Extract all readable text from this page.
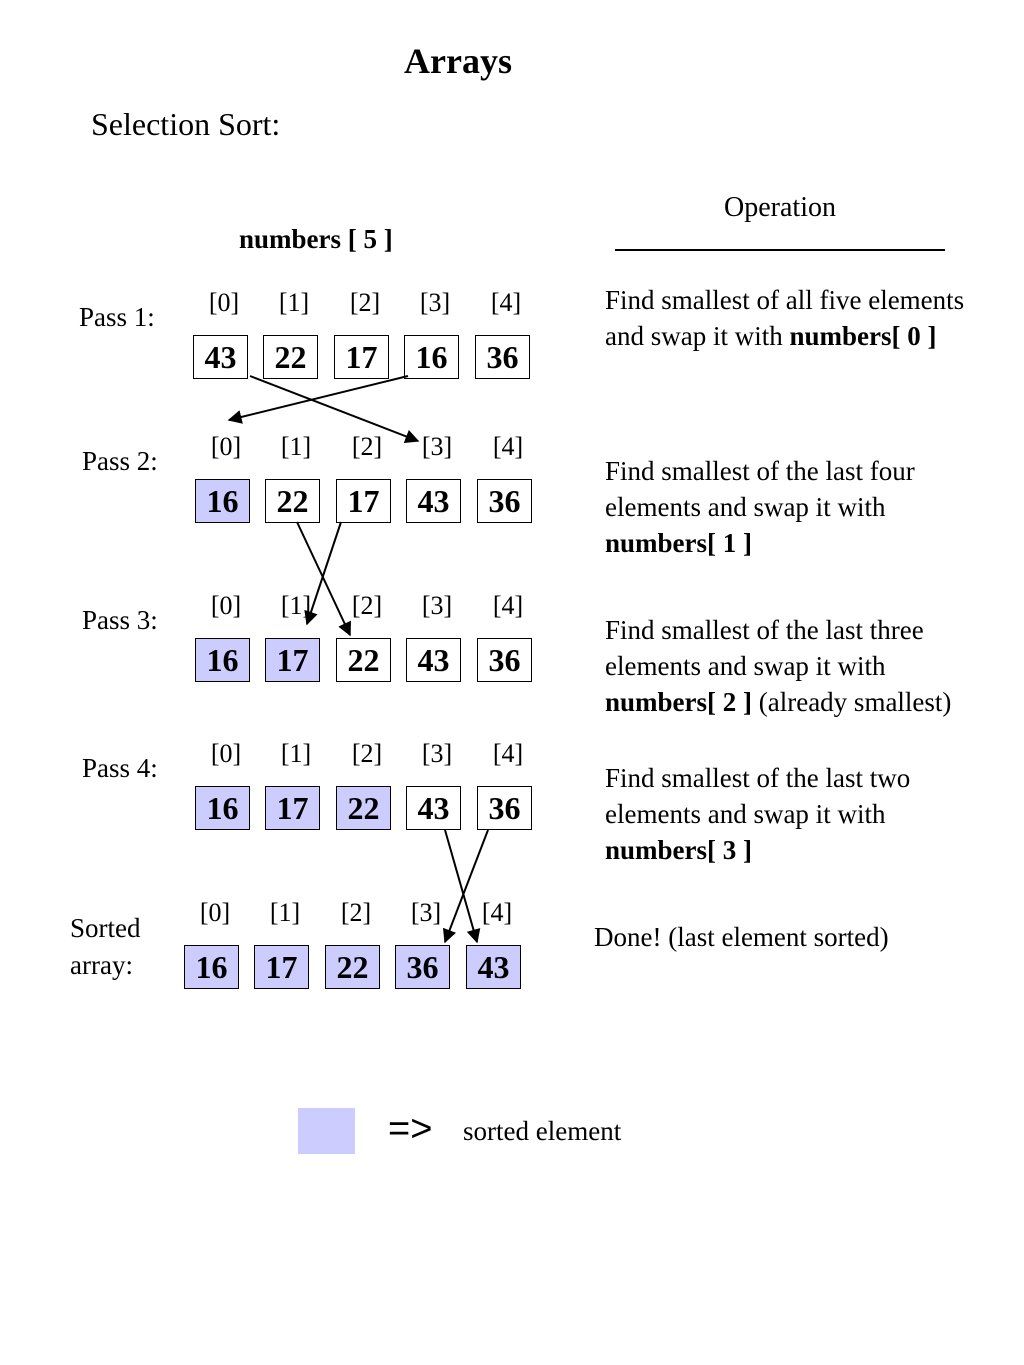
Arrays
Selection Sort:
Operation
numbers [ 5 ]
Pass 1:	[0]	[1]	[2]	[3]	[4]
43	22	17	16	36
Find smallest of all five elements and swap it with numbers[ 0 ]
Pass 2:	[0]	[1]	[2]	[3]	[4]
16	22	17	43	36
Find smallest of the last four elements and swap it with numbers[ 1 ]
Pass 3:	[0]	[1]	[2]	[3]	[4]
16	17	22	43	36
Find smallest of the last three elements and swap it with numbers[ 2 ] (already smallest)
Pass 4:	[0]	[1]	[2]	[3]	[4]
16	17	22	43	36
Find smallest of the last two elements and swap it with numbers[ 3 ]
Sorted array:
[0]	[1]	[2]	[3]	[4]
16	17	22	36	43
Done! (last element sorted)
=> sorted element
